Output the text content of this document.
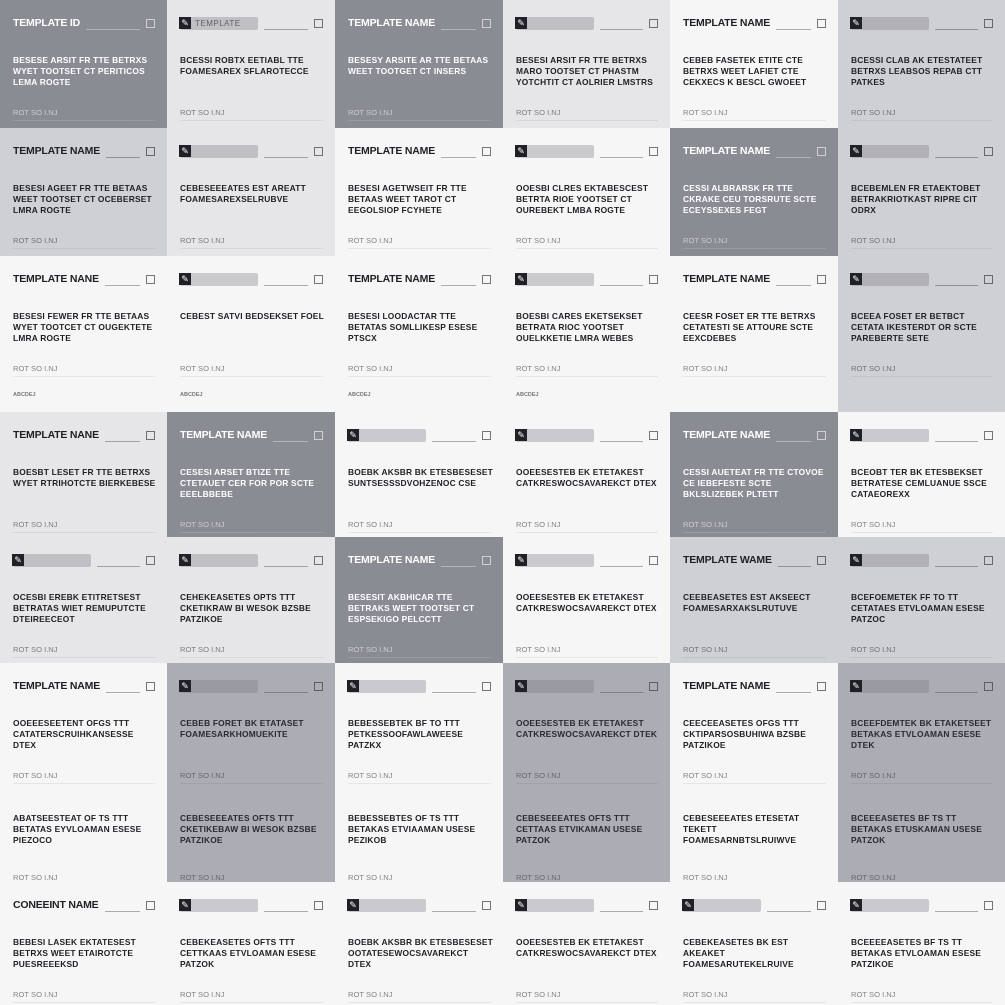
TEMPLATE ID
BESESE ARSIT FR TTE BETRXS WYET TOOTSET CT PERITICOS LEMA ROGTE
ROT SO I.NJ
✎ TEMPLATE
BCESSI ROBTX EETIABL TTE FOAMESAREX SFLAROTECCE
ROT SO I.NJ
TEMPLATE NAME
BESESY ARSITE AR TTE BETAAS WEET TOOTGET CT INSERS
ROT SO I.NJ
✎
BESESI ARSIT FR TTE BETRXS MARO TOOTSET CT PHASTM YOTCHTIT CT AOLRIER LMSTRS
ROT SO I.NJ
TEMPLATE NAME
CEBEB FASETEK ETITE CTE BETRXS WEET LAFIET CTE CEKXECS K BESCL GWOEET
ROT SO I.NJ
✎
BCESSI CLAB AK ETESTATEET BETRXS LEABSOS REPAB CTT PATKES
ROT SO I.NJ
TEMPLATE NAME
BESESI AGEET FR TTE BETAAS WEET TOOTSET CT OCEBERSET LMRA ROGTE
ROT SO I.NJ
✎
CEBESEEEATES EST AREATT FOAMESAREXSELRUBVE
ROT SO I.NJ
TEMPLATE NAME
BESESI AGETWSEIT FR TTE BETAAS WEET TAROT CT EEGOLSIOP FCYHETE
ROT SO I.NJ
✎
OOESBI CLRES EKTABESCEST BETRTA RIOE YOOTSET CT OUREBEKT LMBA ROGTE
ROT SO I.NJ
TEMPLATE NAME
CESSI ALBRARSK FR TTE CKRAKE CEU TORSRUTE SCTE ECEYSSEXES FEGT
ROT SO I.NJ
✎
BCEBEMLEN FR ETAEKTOBET BETRAKRIOTKAST RIPRE CIT ODRX
ROT SO I.NJ
TEMPLATE NANE
BESESI FEWER FR TTE BETAAS WYET TOOTCET CT OUGEKTETE LMRA ROGTE
ROT SO I.NJ
ABCDEJ
✎
CEBEST SATVI BEDSEKSET FOEL
ROT SO I.NJ
ABCDEJ
TEMPLATE NAME
BESESI LOODACTAR TTE BETATAS SOMLLIKESP ESESE PTSCX
ROT SO I.NJ
ABCDEJ
✎
BOESBI CARES EKETSEKSET BETRATA RIOC YOOTSET OUELKKETIE LMRA WEBES
ROT SO I.NJ
ABCDEJ
TEMPLATE NAME
CEESR FOSET ER TTE BETRXS CETATESTI SE ATTOURE SCTE EEXCDEBES
ROT SO I.NJ
✎
BCEEA FOSET ER BETBCT CETATA IKESTERDT OR SCTE PAREBERTE SETE
ROT SO I.NJ
TEMPLATE NANE
BOESBT LESET FR TTE BETRXS WYET RTRIHOTCTE BIERKEBESE
ROT SO I.NJ
TEMPLATE NAME
CESESI ARSET BTIZE TTE CTETAUET CER FOR POR SCTE EEELBBEBE
ROT SO I.NJ
✎
BOEBK AKSBR BK ETESBESESET SUNTSESSSDVOHZENOC CSE
ROT SO I.NJ
✎
OOEESESTEB EK ETETAKEST CATKRESWOCSAVAREKCT DTEX
ROT SO I.NJ
TEMPLATE NAME
CESSI AUETEAT FR TTE CTOVOE CE IEBEFESTE SCTE BKLSLIZEBEK PLTETT
ROT SO I.NJ
✎
BCEOBT TER BK ETESBEKSET BETRATESE CEMLUANUE SSCE CATAEOREXX
ROT SO I.NJ
✎
OCESBI EREBK ETITRETSEST BETRATAS WIET REMUPUTCTE DTEIREECEOT
ROT SO I.NJ
✎
CEHEKEASETES OPTS TTT CKETIKRAW BI WESOK BZSBE PATZIKOE
ROT SO I.NJ
TEMPLATE NAME
BESESIT AKBHICAR TTE BETRAKS WEFT TOOTSET CT ESPSEKIGO PELCCTT
ROT SO I.NJ
✎
OOEESESTEB EK ETETAKEST CATKRESWOCSAVAREKCT DTEX
ROT SO I.NJ
TEMPLATE WAME
CEEBEASETES EST AKSEECT FOAMESARXAKSLRUTUVE
ROT SO I.NJ
✎
BCEFOEMETEK FF TO TT CETATAES ETVLOAMAN ESESE PATZOC
ROT SO I.NJ
TEMPLATE NAME
OOEEESEETENT OFGS TTT CATATERSCRUIHKANSESSE DTEX
ROT SO I.NJ
ABATSEESTEAT OF TS TTT BETATAS EYVLOAMAN ESESE PIEZOCO
ROT SO I.NJ
✎
CEBEB FORET BK ETATASET FOAMESARKHOMUEKITE
ROT SO I.NJ
CEBESEEEATES OFTS TTT CKETIKEBAW BI WESOK BZSBE PATZIKOE
ROT SO I.NJ
✎
BEBESSEBTEK BF TO TTT PETKESSOOFAWLAWEESE PATZKX
ROT SO I.NJ
BEBESSEBTES OF TS TTT BETAKAS ETVIAAMAN USESE PEZIKOB
ROT SO I.NJ
✎
OOEESESTEB EK ETETAKEST CATKRESWOCSAVAREKCT DTEK
ROT SO I.NJ
CEBESEEEATES OFTS TTT CETTAAS ETVIKAMAN USESE PATZOK
ROT SO I.NJ
TEMPLATE NAME
CEECEEASETES OFGS TTT CKTIPARSOSBUHIWA BZSBE PATZIKOE
ROT SO I.NJ
CEBESEEEATES ETESETAT TEKETT FOAMESARNBTSLRUIWVE
ROT SO I.NJ
✎
BCEEFDEMTEK BK ETAKETSEET BETAKAS ETVLOAMAN ESESE DTEK
ROT SO I.NJ
BCEEEASETES BF TS TT BETAKAS ETUSKAMAN USESE PATZOK
ROT SO I.NJ
CONEEINT NAME
BEBESI LASEK EKTATESEST BETRXS WEET ETAIROTCTE PUESREEEKSD
ROT SO I.NJ
✎
CEBEKEASETES OFTS TTT CETTKAAS ETVLOAMAN ESESE PATZOK
ROT SO I.NJ
✎
BOEBK AKSBR BK ETESBESESET OOTATESEWOCSAVAREKCT DTEX
ROT SO I.NJ
✎
OOEESESTEB EK ETETAKEST CATKRESWOCSAVAREKCT DTEX
ROT SO I.NJ
✎
CEBEKEASETES BK EST AKEAKET FOAMESARUTEKELRUIVE
ROT SO I.NJ
✎
BCEEEEASETES BF TS TT BETAKAS ETVLOAMAN ESESE PATZIKOE
ROT SO I.NJ
